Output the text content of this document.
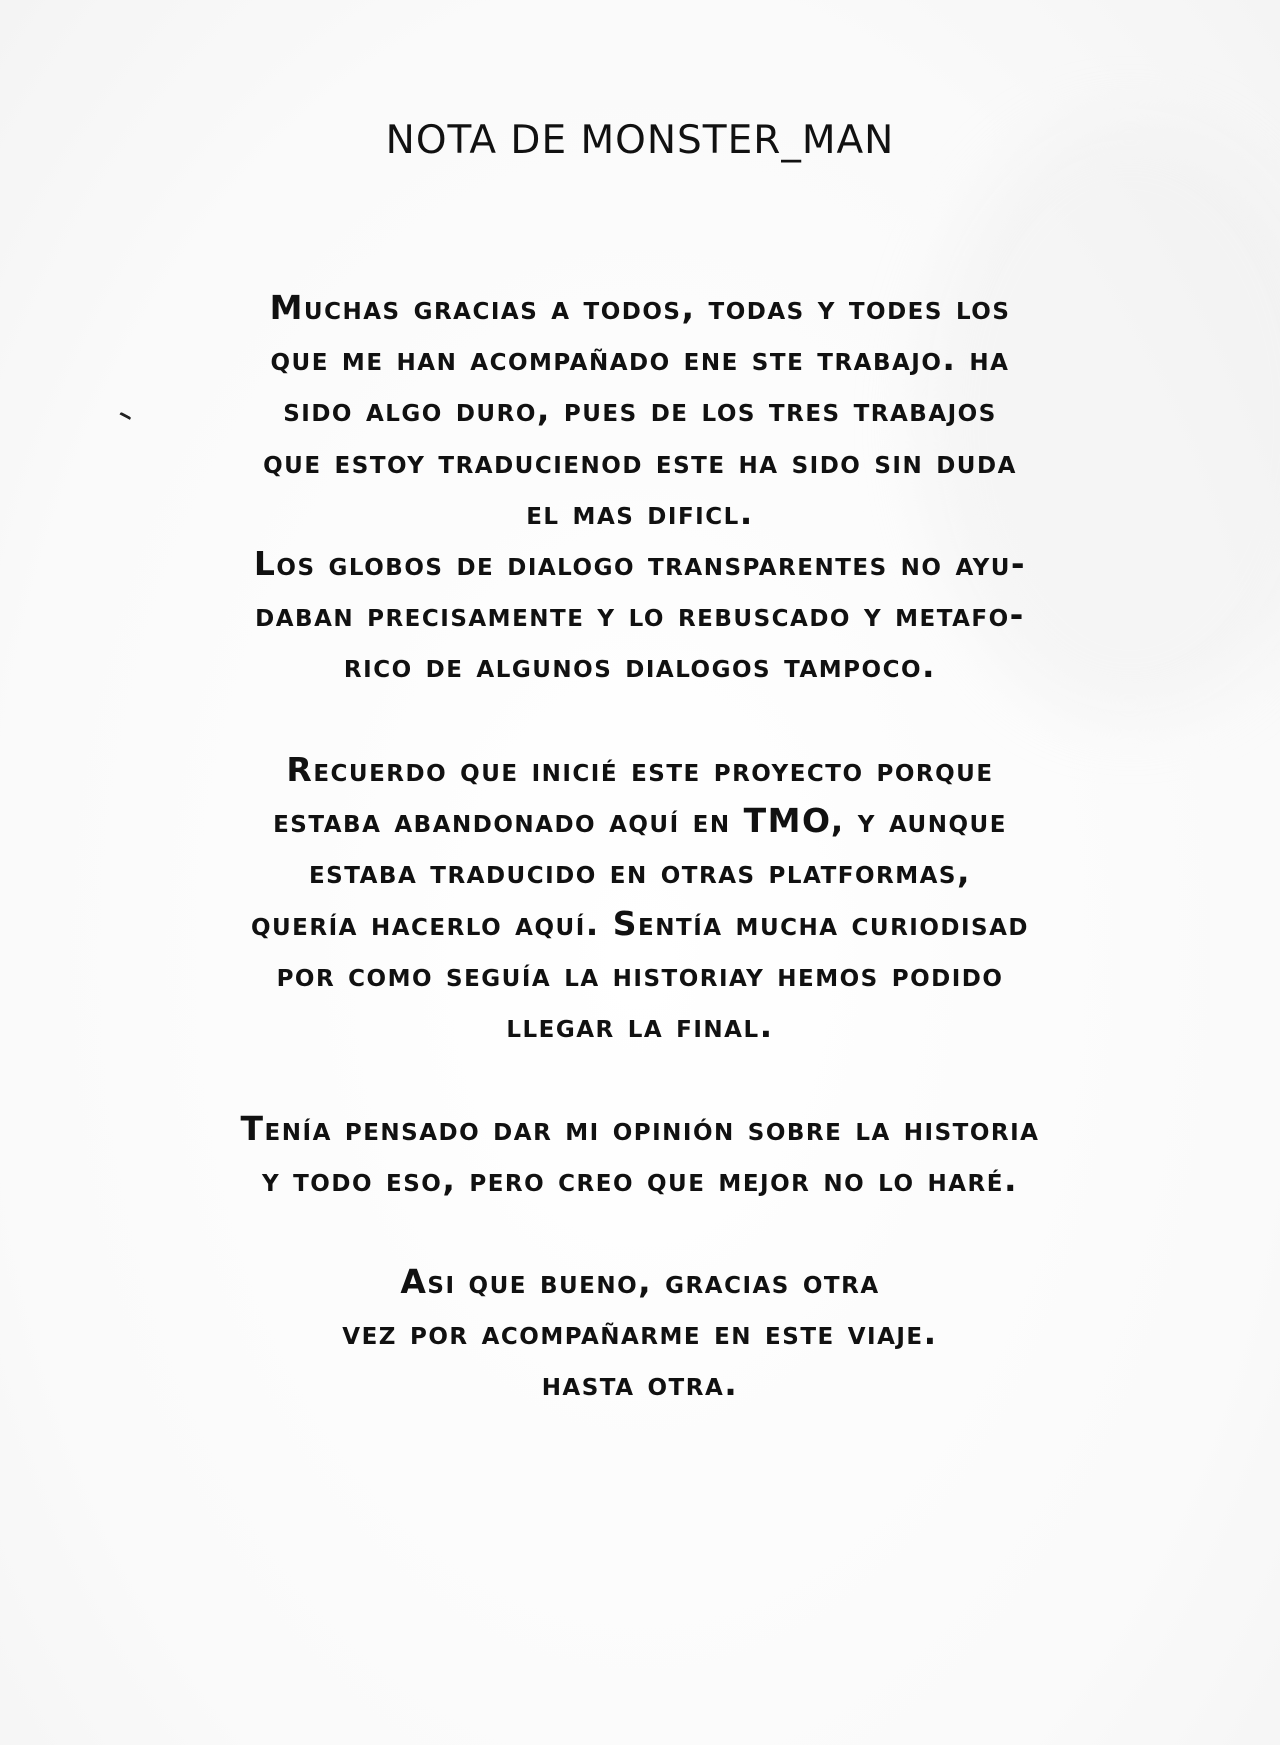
NOTA DE MONSTER_MAN
Muchas gracias a todos, todas y todes los
que me han acompañado ene ste trabajo. ha
sido algo duro, pues de los tres trabajos
que estoy traducienod este ha sido sin duda
el mas dificl.
Los globos de dialogo transparentes no ayu-
daban precisamente y lo rebuscado y metafo-
rico de algunos dialogos tampoco.
Recuerdo que inicié este proyecto porque
estaba abandonado aquí en TMO, y aunque
estaba traducido en otras platformas,
quería hacerlo aquí. Sentía mucha curiodisad
por como seguía la historiay hemos podido
llegar la final.
Tenía pensado dar mi opinión sobre la historia
y todo eso, pero creo que mejor no lo haré.
Asi que bueno, gracias otra
vez por acompañarme en este viaje.
hasta otra.
